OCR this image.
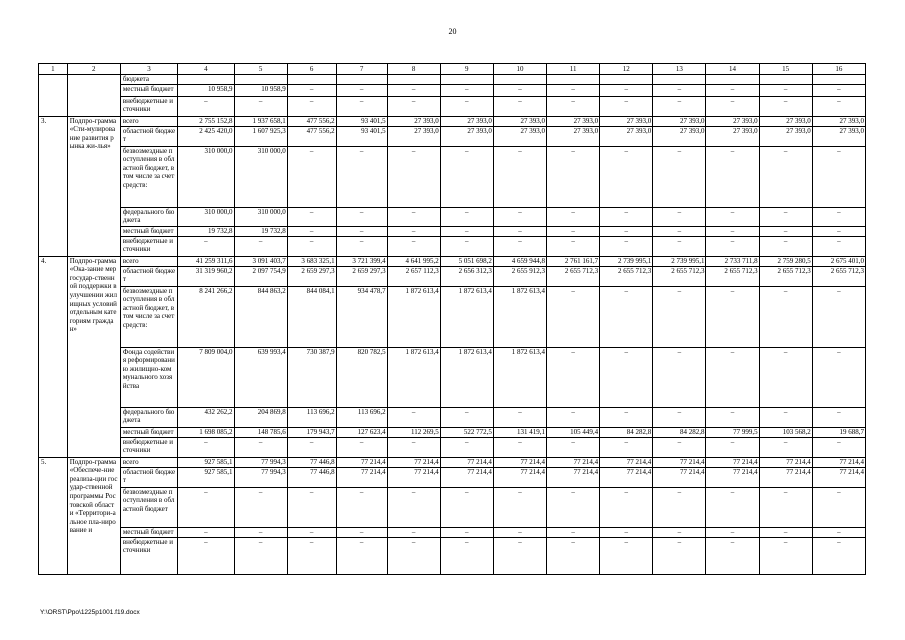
20
1	2	3	4	5	6	7	8	9	10	11	12	13	14	15	16
		бюджета													
		местный бюджет	10 958,9	10 958,9	–	–	–	–	–	–	–	–	–	–	–
		внебюджетные источники	–	–	–	–	–	–	–	–	–	–	–	–	–
3.	Подпро-грамма «Сти-мулирование развития рынка жи-лья»	всего	2 755 152,8	1 937 658,1	477 556,2	93 401,5	27 393,0	27 393,0	27 393,0	27 393,0	27 393,0	27 393,0	27 393,0	27 393,0	27 393,0
		областной бюджет	2 425 420,0	1 607 925,3	477 556,2	93 401,5	27 393,0	27 393,0	27 393,0	27 393,0	27 393,0	27 393,0	27 393,0	27 393,0	27 393,0
		безвозмездные поступления в областной бюджет, в том числе за счет средств:	310 000,0	310 000,0	–	–	–	–	–	–	–	–	–	–	–
		федерального бюджета	310 000,0	310 000,0	–	–	–	–	–	–	–	–	–	–	–
		местный бюджет	19 732,8	19 732,8	–	–	–	–	–	–	–	–	–	–	–
		внебюджетные источники	–	–	–	–	–	–	–	–	–	–	–	–	–
4.	Подпро-грамма «Ока-зание мер государ-ственной поддержки в улучшении жилищных условий отдельным категориям граждан»	всего	41 259 311,6	3 091 403,7	3 683 325,1	3 721 399,4	4 641 995,2	5 051 698,2	4 659 944,8	2 761 161,7	2 739 995,1	2 739 995,1	2 733 711,8	2 759 280,5	2 675 401,0
		областной бюджет	31 319 960,2	2 097 754,9	2 659 297,3	2 659 297,3	2 657 112,3	2 656 312,3	2 655 912,3	2 655 712,3	2 655 712,3	2 655 712,3	2 655 712,3	2 655 712,3	2 655 712,3
		безвозмездные поступления в областной бюджет, в том числе за счет средств:	8 241 266,2	844 863,2	844 084,1	934 478,7	1 872 613,4	1 872 613,4	1 872 613,4	–	–	–	–	–	–
		Фонда содействия реформированию жилищно-коммунального хозяйства	7 809 004,0	639 993,4	730 387,9	820 782,5	1 872 613,4	1 872 613,4	1 872 613,4	–	–	–	–	–	–
		федерального бюджета	432 262,2	204 869,8	113 696,2	113 696,2	–	–	–	–	–	–	–	–	–
		местный бюджет	1 698 085,2	148 785,6	179 943,7	127 623,4	112 269,5	522 772,5	131 419,1	105 449,4	84 282,8	84 282,8	77 999,5	103 568,2	19 688,7
		внебюджетные источники	–	–	–	–	–	–	–	–	–	–	–	–	–
5.	Подпро-грамма «Обеспече-ние реализа-ции государ-ственной программы Ростовской области «Территори-альное пла-нирование и	всего	927 585,1	77 994,3	77 446,8	77 214,4	77 214,4	77 214,4	77 214,4	77 214,4	77 214,4	77 214,4	77 214,4	77 214,4	77 214,4
		областной бюджет	927 585,1	77 994,3	77 446,8	77 214,4	77 214,4	77 214,4	77 214,4	77 214,4	77 214,4	77 214,4	77 214,4	77 214,4	77 214,4
		безвозмездные поступления в областной бюджет	–	–	–	–	–	–	–	–	–	–	–	–	–
		местный бюджет	–	–	–	–	–	–	–	–	–	–	–	–	–
		внебюджетные источники	–	–	–	–	–	–	–	–	–	–	–	–	–
Y:\ORST\Ppo\1225p1001.f19.docx
